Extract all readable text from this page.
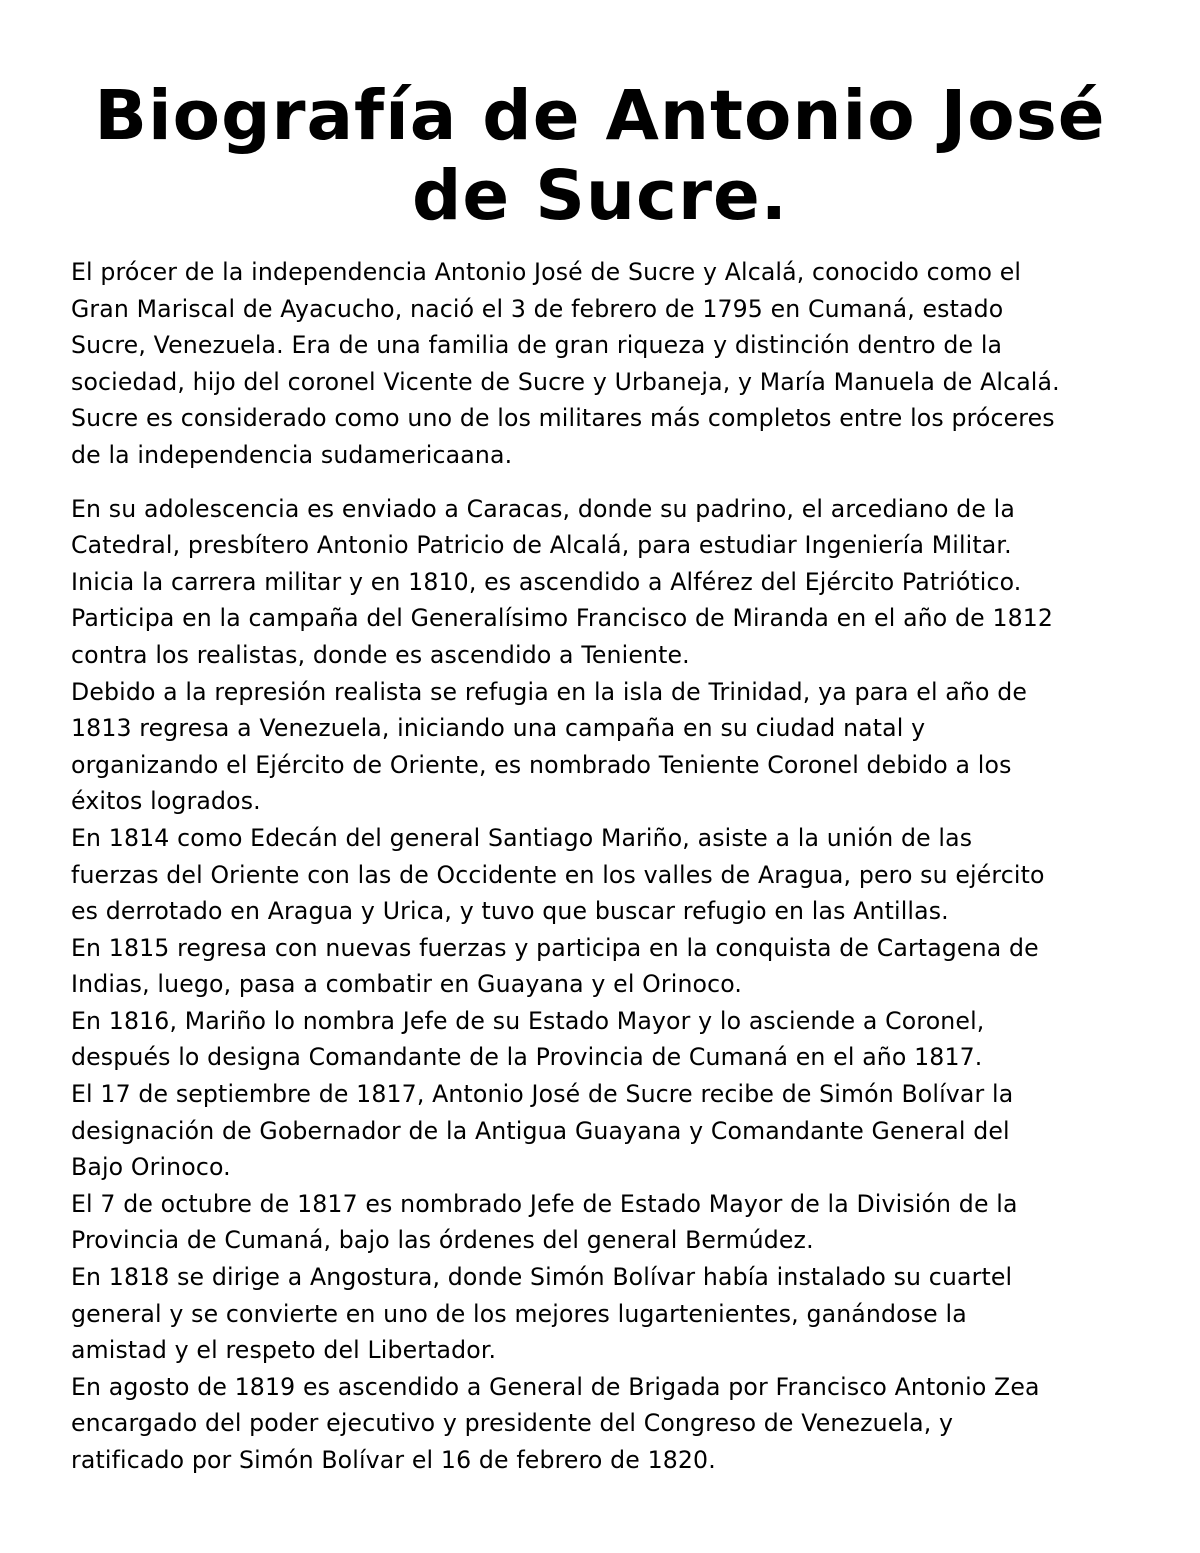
Biografía de Antonio José
de Sucre.

El prócer de la independencia Antonio José de Sucre y Alcalá, conocido como el
Gran Mariscal de Ayacucho, nació el 3 de febrero de 1795 en Cumaná, estado
Sucre, Venezuela. Era de una familia de gran riqueza y distinción dentro de la
sociedad, hijo del coronel Vicente de Sucre y Urbaneja, y María Manuela de Alcalá.
Sucre es considerado como uno de los militares más completos entre los próceres
de la independencia sudamericaana.

En su adolescencia es enviado a Caracas, donde su padrino, el arcediano de la
Catedral, presbítero Antonio Patricio de Alcalá, para estudiar Ingeniería Militar.
Inicia la carrera militar y en 1810, es ascendido a Alférez del Ejército Patriótico.
Participa en la campaña del Generalísimo Francisco de Miranda en el año de 1812
contra los realistas, donde es ascendido a Teniente.

Debido a la represión realista se refugia en la isla de Trinidad, ya para el año de
1813 regresa a Venezuela, iniciando una campaña en su ciudad natal y
organizando el Ejército de Oriente, es nombrado Teniente Coronel debido a los
éxitos logrados.

En 1814 como Edecán del general Santiago Mariño, asiste a la unión de las
fuerzas del Oriente con las de Occidente en los valles de Aragua, pero su ejército
es derrotado en Aragua y Urica, y tuvo que buscar refugio en las Antillas.

En 1815 regresa con nuevas fuerzas y participa en la conquista de Cartagena de
Indias, luego, pasa a combatir en Guayana y el Orinoco.

En 1816, Mariño lo nombra Jefe de su Estado Mayor y lo asciende a Coronel,
después lo designa Comandante de la Provincia de Cumaná en el año 1817.

El 17 de septiembre de 1817, Antonio José de Sucre recibe de Simón Bolívar la
designación de Gobernador de la Antigua Guayana y Comandante General del
Bajo Orinoco.

El 7 de octubre de 1817 es nombrado Jefe de Estado Mayor de la División de la
Provincia de Cumaná, bajo las órdenes del general Bermúdez.

En 1818 se dirige a Angostura, donde Simón Bolívar había instalado su cuartel
general y se convierte en uno de los mejores lugartenientes, ganándose la
amistad y el respeto del Libertador.

En agosto de 1819 es ascendido a General de Brigada por Francisco Antonio Zea
encargado del poder ejecutivo y presidente del Congreso de Venezuela, y
ratificado por Simón Bolívar el 16 de febrero de 1820.
